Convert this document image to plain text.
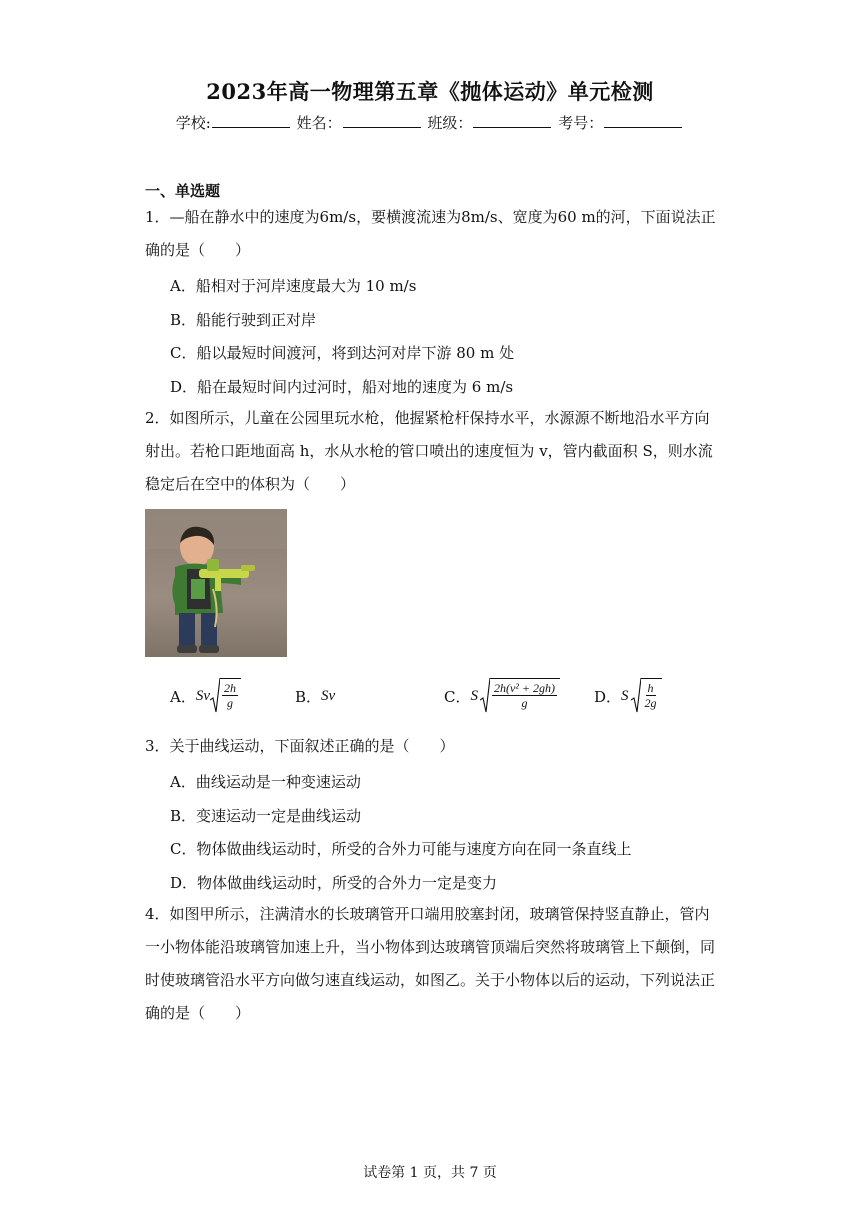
2023年高一物理第五章《抛体运动》单元检测
学校:	姓名：	班级：	考号：
一、单选题
1．—船在静水中的速度为6m/s，要横渡流速为8m/s、宽度为60 m的河，下面说法正
确的是（　　）
A．船相对于河岸速度最大为 10 m/s
B．船能行驶到正对岸
C．船以最短时间渡河，将到达河对岸下游 80 m 处
D．船在最短时间内过河时，船对地的速度为 6 m/s
2．如图所示，儿童在公园里玩水枪，他握紧枪杆保持水平，水源源不断地沿水平方向
射出。若枪口距地面高 h，水从水枪的管口喷出的速度恒为 v，管内截面积 S，则水流
稳定后在空中的体积为（　　）
A． Sv $\frac{2h}{g}$	B． Sv	C． S $\frac{\text{2h(v² + 2gh)}}{g}$ D． S $\frac{h}{2g}$
3．关于曲线运动，下面叙述正确的是（　　）
A．曲线运动是一种变速运动
B．变速运动一定是曲线运动
C．物体做曲线运动时，所受的合外力可能与速度方向在同一条直线上
D．物体做曲线运动时，所受的合外力一定是变力
4．如图甲所示，注满清水的长玻璃管开口端用胶塞封闭，玻璃管保持竖直静止，管内
一小物体能沿玻璃管加速上升，当小物体到达玻璃管顶端后突然将玻璃管上下颠倒，同
时使玻璃管沿水平方向做匀速直线运动，如图乙。关于小物体以后的运动，下列说法正
确的是（　　）
试卷第 1 页，共 7 页
